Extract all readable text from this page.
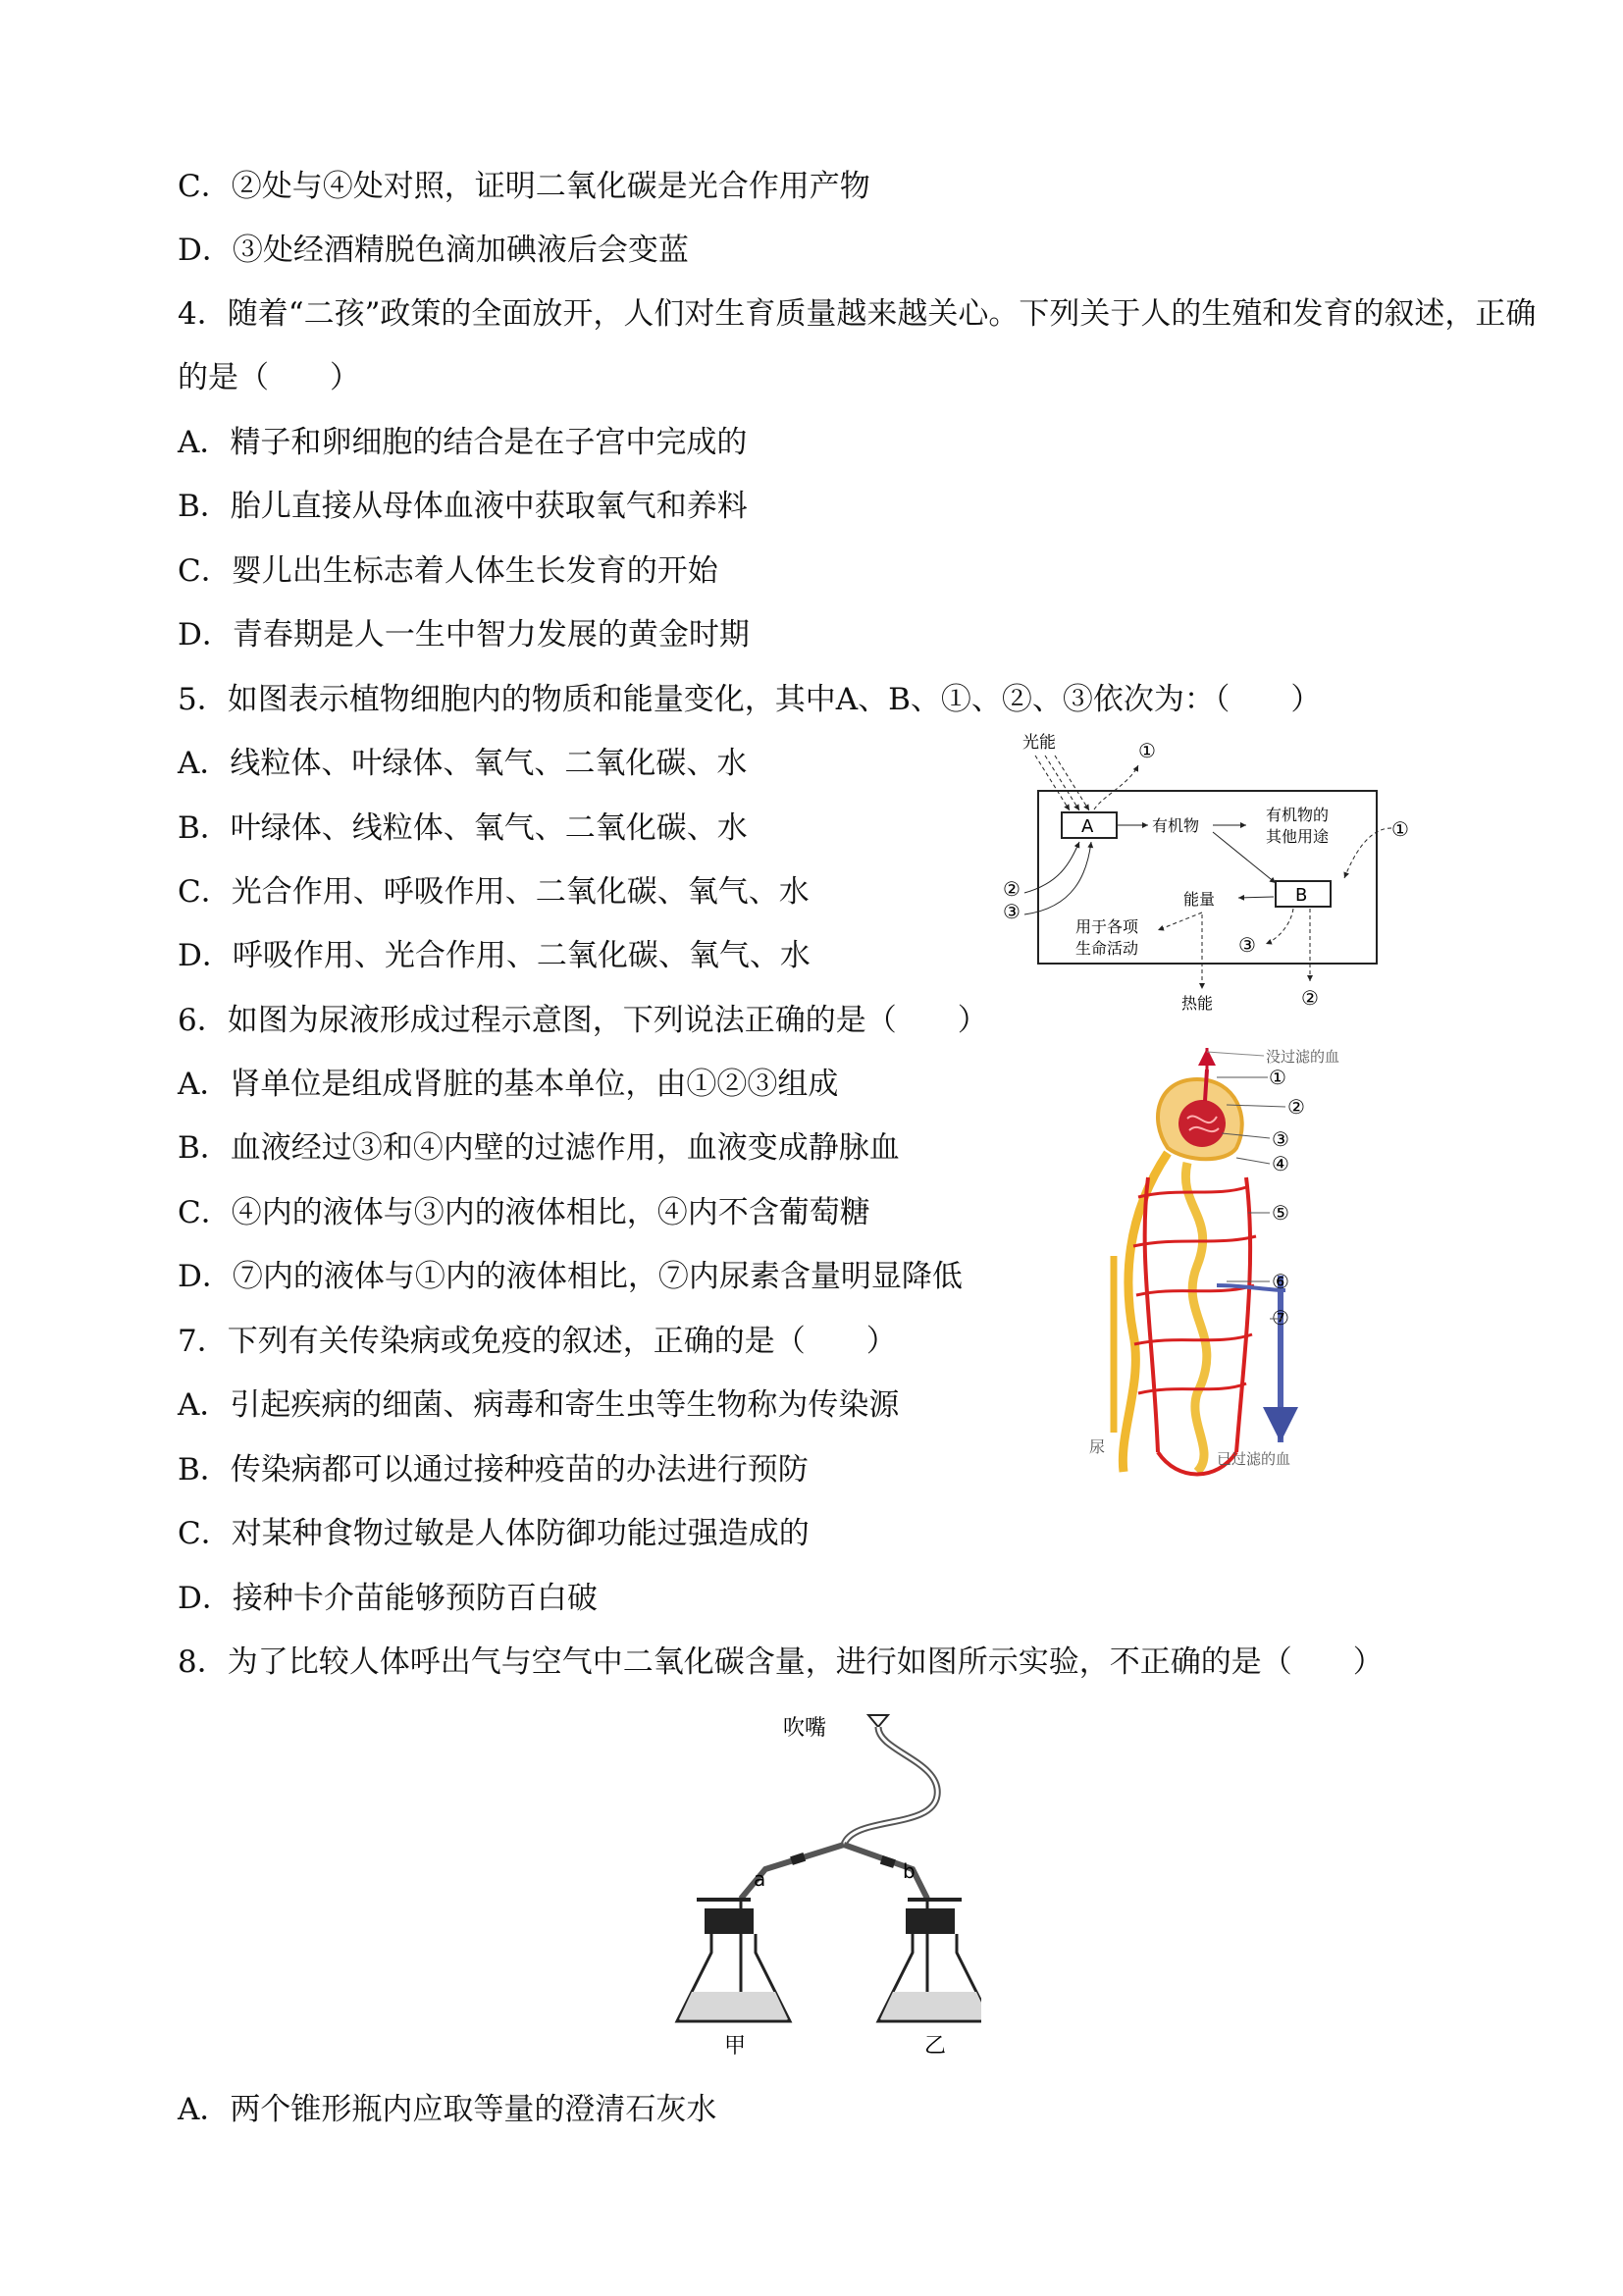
C．②处与④处对照，证明二氧化碳是光合作用产物
D．③处经酒精脱色滴加碘液后会变蓝
4．随着“二孩”政策的全面放开，人们对生育质量越来越关心。下列关于人的生殖和发育的叙述，正确
的是（　　）
A．精子和卵细胞的结合是在子宫中完成的
B．胎儿直接从母体血液中获取氧气和养料
C．婴儿出生标志着人体生长发育的开始
D．青春期是人一生中智力发展的黄金时期
5．如图表示植物细胞内的物质和能量变化，其中A、B、①、②、③依次为：（　　）
A．线粒体、叶绿体、氧气、二氧化碳、水
B．叶绿体、线粒体、氧气、二氧化碳、水
C．光合作用、呼吸作用、二氧化碳、氧气、水
D．呼吸作用、光合作用、二氧化碳、氧气、水
6．如图为尿液形成过程示意图，下列说法正确的是（　　）
A．肾单位是组成肾脏的基本单位，由①②③组成
B．血液经过③和④内壁的过滤作用，血液变成静脉血
C．④内的液体与③内的液体相比，④内不含葡萄糖
D．⑦内的液体与①内的液体相比，⑦内尿素含量明显降低
7．下列有关传染病或免疫的叙述，正确的是（　　）
A．引起疾病的细菌、病毒和寄生虫等生物称为传染源
B．传染病都可以通过接种疫苗的办法进行预防
C．对某种食物过敏是人体防御功能过强造成的
D．接种卡介苗能够预防百白破
8．为了比较人体呼出气与空气中二氧化碳含量，进行如图所示实验，不正确的是（　　）
A．两个锥形瓶内应取等量的澄清石灰水
光能	①
A	有机物
有机物的
其他用途	①
B
②
③
能量
用于各项
生命活动
热能
③
②
没过滤的血
①
②
③
④
⑤
⑥
⑦
尿
已过滤的血
吹嘴
a	b
甲	乙
